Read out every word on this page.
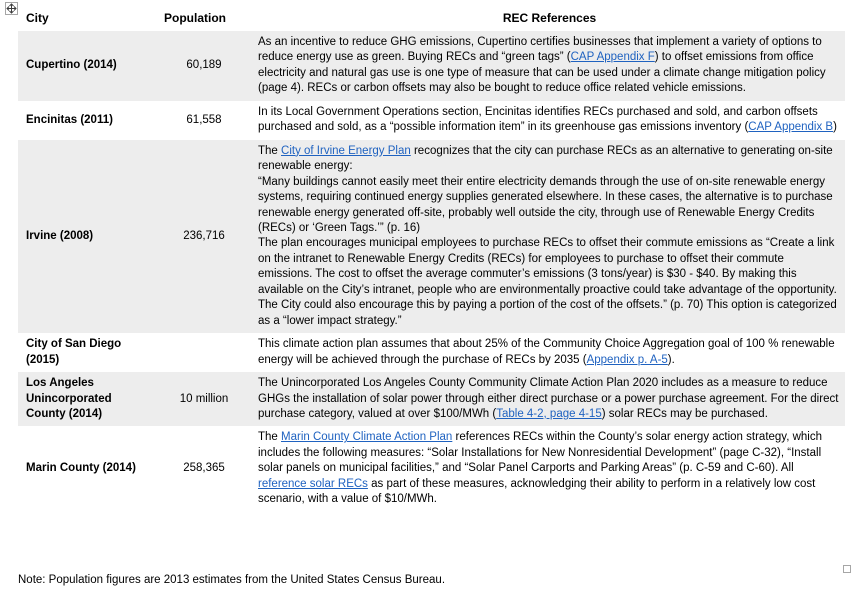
City	Population	REC References
Cupertino (2014)	60,189	As an incentive to reduce GHG emissions, Cupertino certifies businesses that implement a variety of options to reduce energy use as green. Buying RECs and “green tags” (CAP Appendix F) to offset emissions from office electricity and natural gas use is one type of measure that can be used under a climate change mitigation policy (page 4). RECs or carbon offsets may also be bought to reduce office related vehicle emissions.
Encinitas (2011)	61,558	In its Local Government Operations section, Encinitas identifies RECs purchased and sold, and carbon offsets purchased and sold, as a “possible information item” in its greenhouse gas emissions inventory (CAP Appendix B)
Irvine (2008)	236,716	The City of Irvine Energy Plan recognizes that the city can purchase RECs as an alternative to generating on-site renewable energy:
“Many buildings cannot easily meet their entire electricity demands through the use of on-site renewable energy systems, requiring continued energy supplies generated elsewhere. In these cases, the alternative is to purchase renewable energy generated off-site, probably well outside the city, through use of Renewable Energy Credits (RECs) or ‘Green Tags.’” (p. 16)
The plan encourages municipal employees to purchase RECs to offset their commute emissions as “Create a link on the intranet to Renewable Energy Credits (RECs) for employees to purchase to offset their commute emissions. The cost to offset the average commuter’s emissions (3 tons/year) is $30 - $40. By making this available on the City’s intranet, people who are environmentally proactive could take advantage of the opportunity. The City could also encourage this by paying a portion of the cost of the offsets.” (p. 70) This option is categorized as a “lower impact strategy.”
City of San Diego (2015)		This climate action plan assumes that about 25% of the Community Choice Aggregation goal of 100 % renewable energy will be achieved through the purchase of RECs by 2035 (Appendix p. A-5).
Los Angeles Unincorporated County (2014)	10 million	The Unincorporated Los Angeles County Community Climate Action Plan 2020 includes as a measure to reduce GHGs the installation of solar power through either direct purchase or a power purchase agreement. For the direct purchase category, valued at over $100/MWh (Table 4-2, page 4-15) solar RECs may be purchased.
Marin County (2014)	258,365	The Marin County Climate Action Plan references RECs within the County’s solar energy action strategy, which includes the following measures: “Solar Installations for New Nonresidential Development” (page C-32), “Install solar panels on municipal facilities,” and “Solar Panel Carports and Parking Areas” (p. C-59 and C-60). All reference solar RECs as part of these measures, acknowledging their ability to perform in a relatively low cost scenario, with a value of $10/MWh.
Note: Population figures are 2013 estimates from the United States Census Bureau.
